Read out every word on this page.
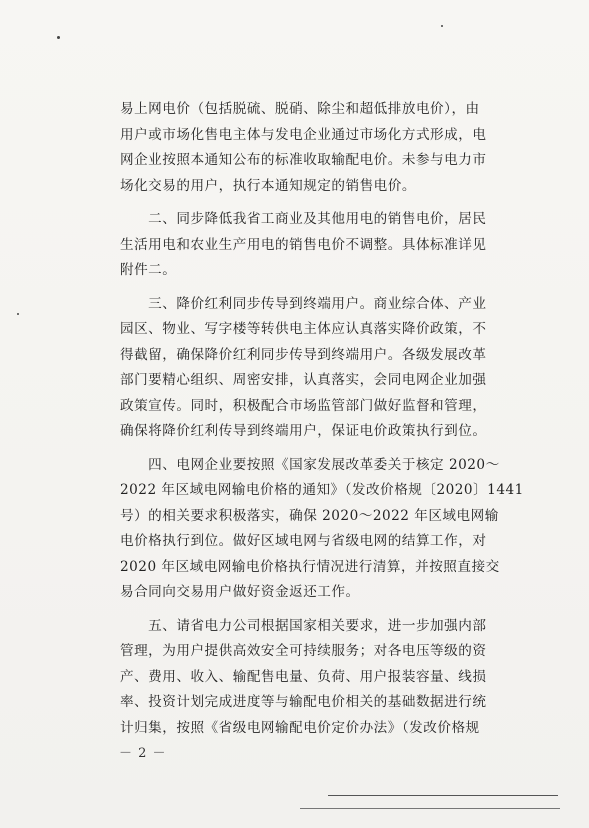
易上网电价（包括脱硫、脱硝、除尘和超低排放电价），由
用户或市场化售电主体与发电企业通过市场化方式形成，电
网企业按照本通知公布的标准收取输配电价。未参与电力市
场化交易的用户，执行本通知规定的销售电价。

　　二、同步降低我省工商业及其他用电的销售电价，居民
生活用电和农业生产用电的销售电价不调整。具体标准详见
附件二。

　　三、降价红利同步传导到终端用户。商业综合体、产业
园区、物业、写字楼等转供电主体应认真落实降价政策，不
得截留，确保降价红利同步传导到终端用户。各级发展改革
部门要精心组织、周密安排，认真落实，会同电网企业加强
政策宣传。同时，积极配合市场监管部门做好监督和管理，
确保将降价红利传导到终端用户，保证电价政策执行到位。

　　四、电网企业要按照《国家发展改革委关于核定 2020～
2022 年区域电网输电价格的通知》（发改价格规〔2020〕1441
号）的相关要求积极落实，确保 2020～2022 年区域电网输
电价格执行到位。做好区域电网与省级电网的结算工作，对
2020 年区域电网输电价格执行情况进行清算，并按照直接交
易合同向交易用户做好资金返还工作。

　　五、请省电力公司根据国家相关要求，进一步加强内部
管理，为用户提供高效安全可持续服务；对各电压等级的资
产、费用、收入、输配售电量、负荷、用户报装容量、线损
率、投资计划完成进度等与输配电价相关的基础数据进行统
计归集，按照《省级电网输配电价定价办法》（发改价格规

－ 2 －
